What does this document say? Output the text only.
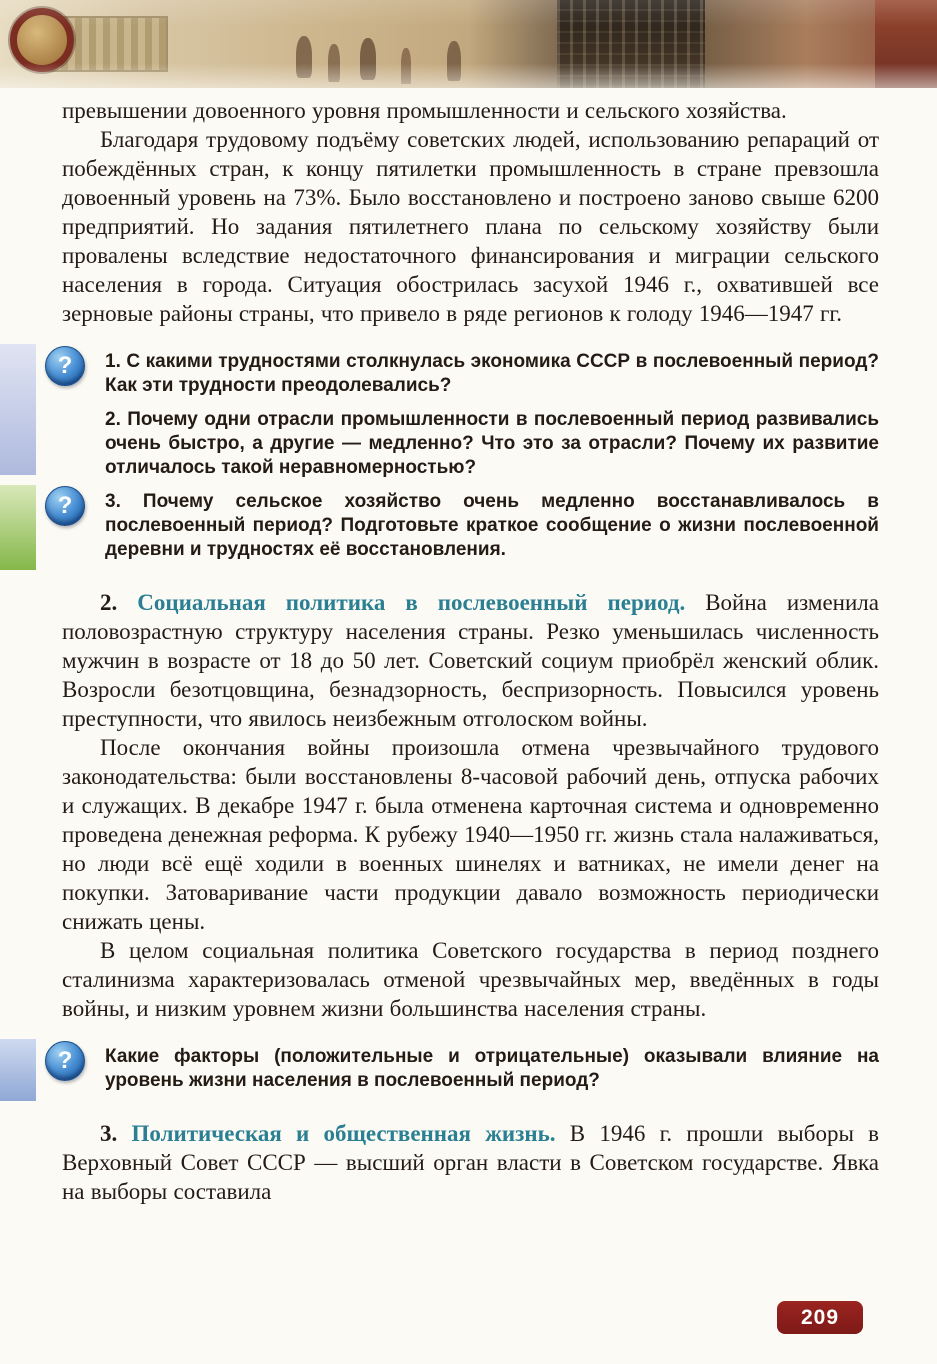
превышении довоенного уровня промышленности и сельского хозяйства.

Благодаря трудовому подъёму советских людей, использованию репараций от побеждённых стран, к концу пятилетки промышленность в стране превзошла довоенный уровень на 73%. Было восстановлено и построено заново свыше 6200 предприятий. Но задания пятилетнего плана по сельскому хозяйству были провалены вследствие недостаточного финансирования и миграции сельского населения в города. Ситуация обострилась засухой 1946 г., охватившей все зерновые районы страны, что привело в ряде регионов к голоду 1946—1947 гг.

?	1. С какими трудностями столкнулась экономика СССР в послевоенный период? Как эти трудности преодолевались?

2. Почему одни отрасли промышленности в послевоенный период развивались очень быстро, а другие — медленно? Что это за отрасли? Почему их развитие отличалось такой неравномерностью?

?	3. Почему сельское хозяйство очень медленно восстанавливалось в послевоенный период? Подготовьте краткое сообщение о жизни послевоенной деревни и трудностях её восстановления.

2. Социальная политика в послевоенный период. Война изменила половозрастную структуру населения страны. Резко уменьшилась численность мужчин в возрасте от 18 до 50 лет. Советский социум приобрёл женский облик. Возросли безотцовщина, безнадзорность, беспризорность. Повысился уровень преступности, что явилось неизбежным отголоском войны.

После окончания войны произошла отмена чрезвычайного трудового законодательства: были восстановлены 8-часовой рабочий день, отпуска рабочих и служащих. В декабре 1947 г. была отменена карточная система и одновременно проведена денежная реформа. К рубежу 1940—1950 гг. жизнь стала налаживаться, но люди всё ещё ходили в военных шинелях и ватниках, не имели денег на покупки. Затоваривание части продукции давало возможность периодически снижать цены.

В целом социальная политика Советского государства в период позднего сталинизма характеризовалась отменой чрезвычайных мер, введённых в годы войны, и низким уровнем жизни большинства населения страны.

?	Какие факторы (положительные и отрицательные) оказывали влияние на уровень жизни населения в послевоенный период?

3. Политическая и общественная жизнь. В 1946 г. прошли выборы в Верховный Совет СССР — высший орган власти в Советском государстве. Явка на выборы составила

209
